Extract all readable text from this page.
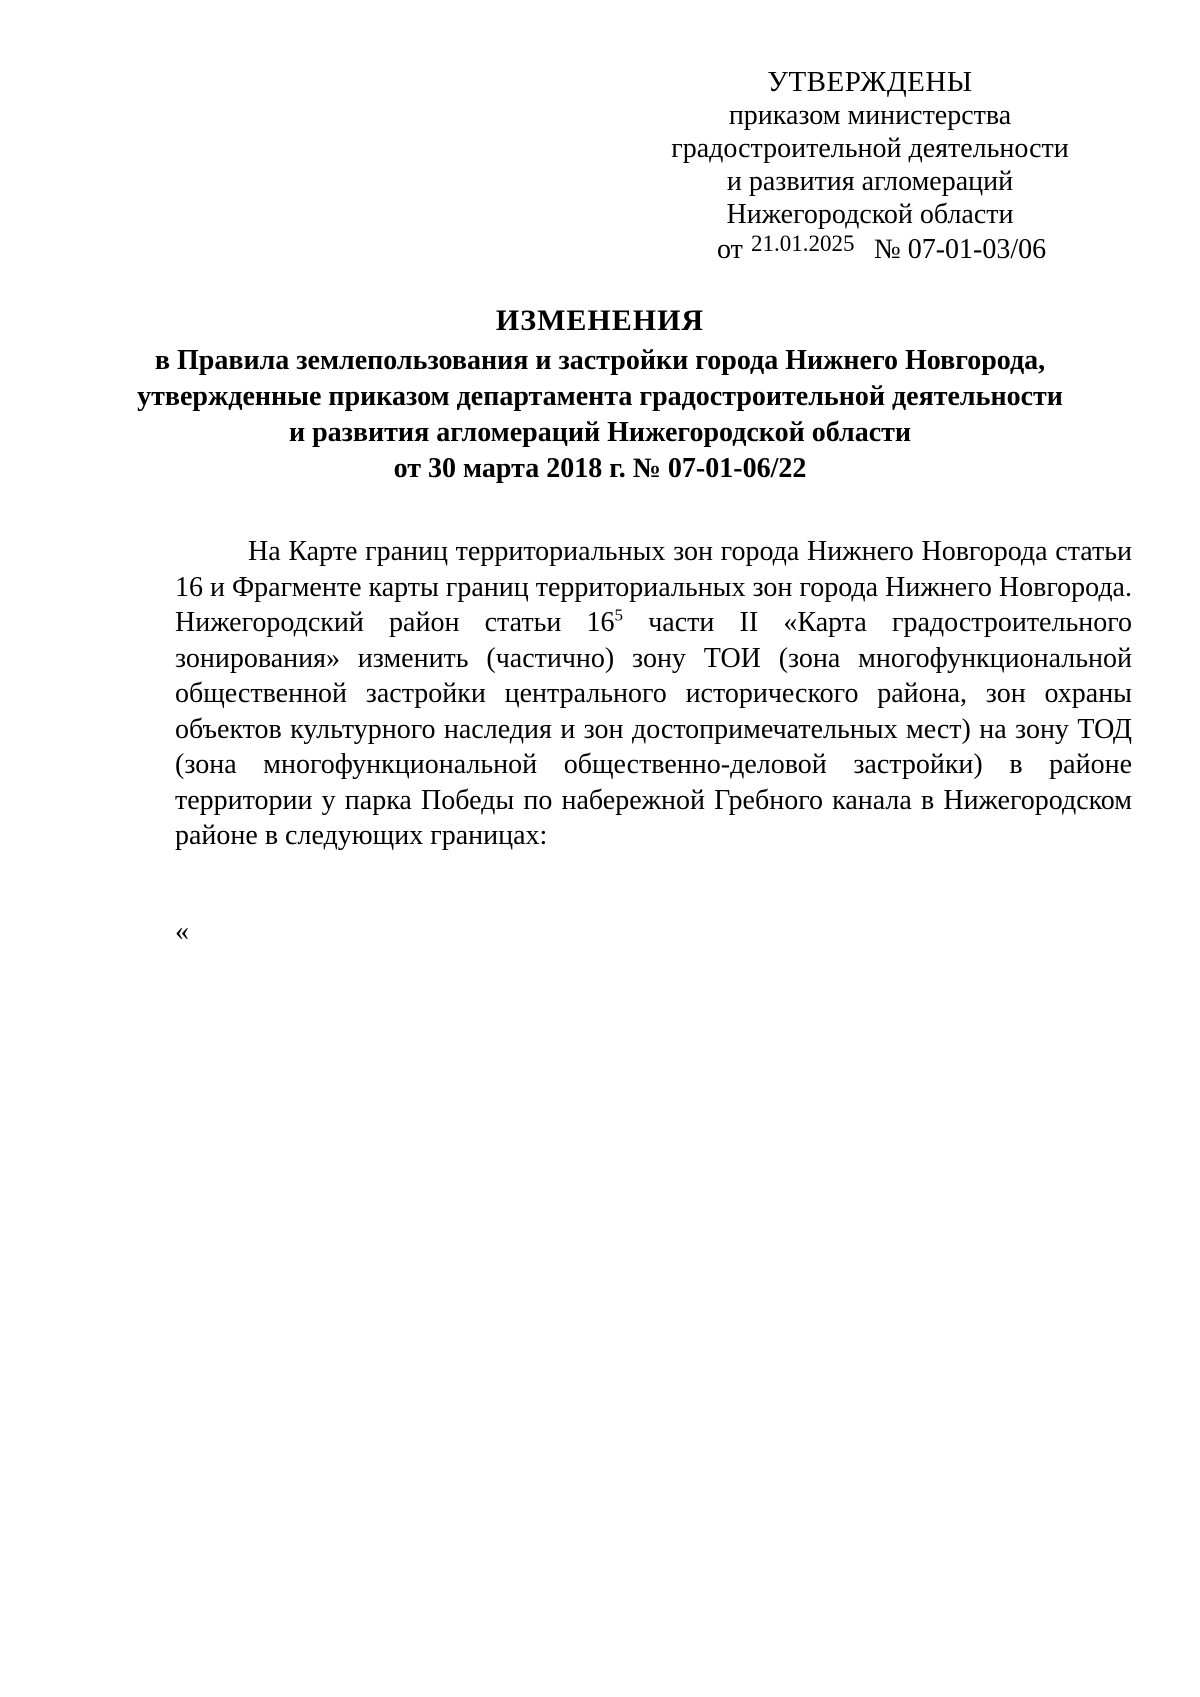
УТВЕРЖДЕНЫ
приказом министерства
градостроительной деятельности
и развития агломераций
Нижегородской области
от 21.01.2025 № 07-01-03/06
ИЗМЕНЕНИЯ
в Правила землепользования и застройки города Нижнего Новгорода,
утвержденные приказом департамента градостроительной деятельности
и развития агломераций Нижегородской области
от 30 марта 2018 г. № 07-01-06/22

На Карте границ территориальных зон города Нижнего Новгорода статьи 16 и Фрагменте карты границ территориальных зон города Нижнего Новгорода. Нижегородский район статьи $16^5$ части II «Карта градостроительного зонирования» изменить (частично) зону ТОИ (зона многофункциональной общественной застройки центрального исторического района, зон охраны объектов культурного наследия и зон достопримечательных мест) на зону ТОД (зона многофункциональной общественно-деловой застройки) в районе территории у парка Победы по набережной Гребного канала в Нижегородском районе в следующих границах:

«
